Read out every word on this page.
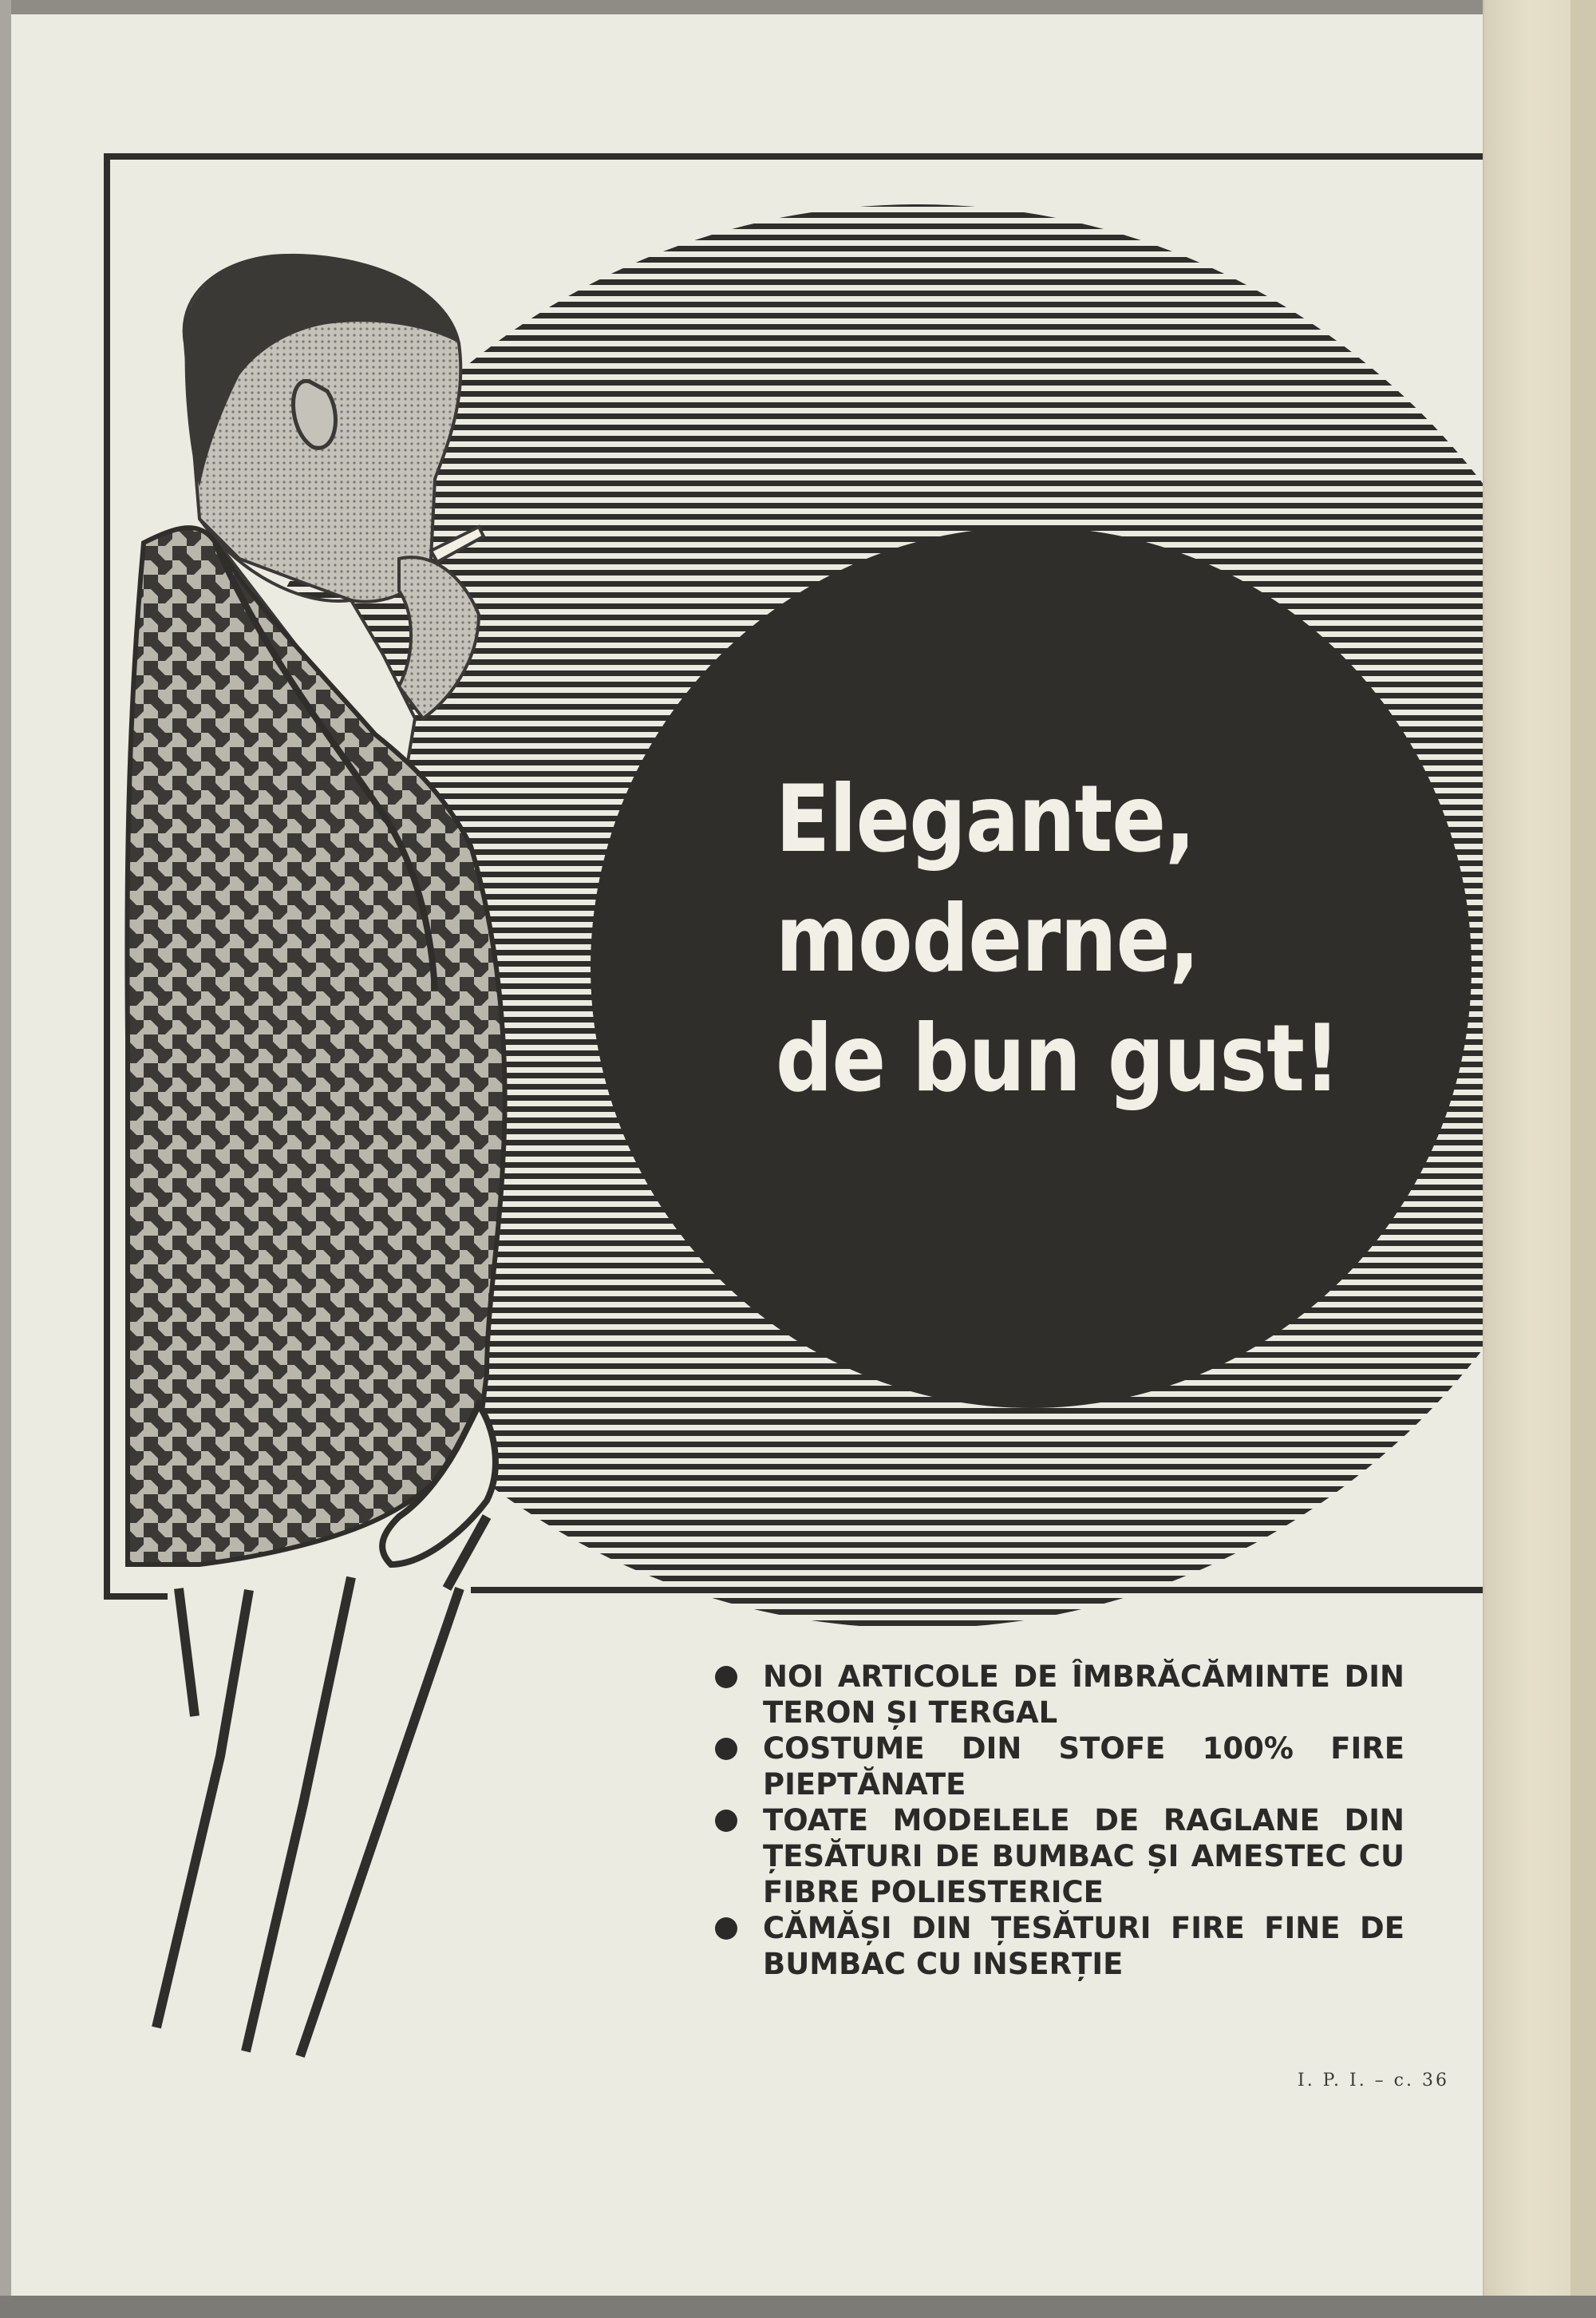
Elegante,
moderne,
de bun gust!
NOI ARTICOLE DE ÎMBRĂCĂMINTE DIN TERON ȘI TERGAL
COSTUME DIN STOFE 100% FIRE PIEPTĂNATE
TOATE MODELELE DE RAGLANE DIN ȚESĂTURI DE BUMBAC ȘI AMESTEC CU FIBRE POLIESTERICE
CĂMĂȘI DIN ȚESĂTURI FIRE FINE DE BUMBAC CU INSERȚIE
I. P. I. – c. 36
